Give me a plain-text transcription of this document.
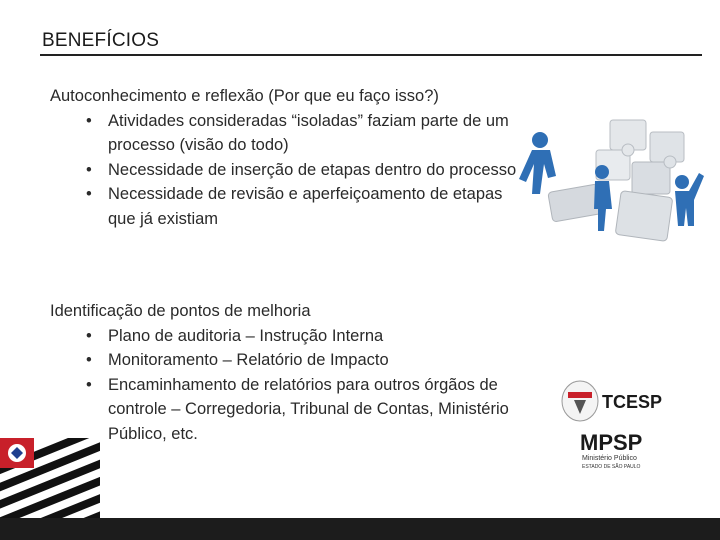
BENEFÍCIOS
Autoconhecimento e reflexão (Por que eu faço isso?)
• Atividades consideradas “isoladas” faziam parte de um processo (visão do todo)
• Necessidade de inserção de etapas dentro do processo
• Necessidade de revisão e aperfeiçoamento de etapas que já existiam
Identificação de pontos de melhoria
• Plano de auditoria – Instrução Interna
• Monitoramento – Relatório de Impacto
• Encaminhamento de relatórios para outros órgãos de controle – Corregedoria, Tribunal de Contas, Ministério Público, etc.
TCESP
MPSP
Ministério Público
ESTADO DE SÃO PAULO
